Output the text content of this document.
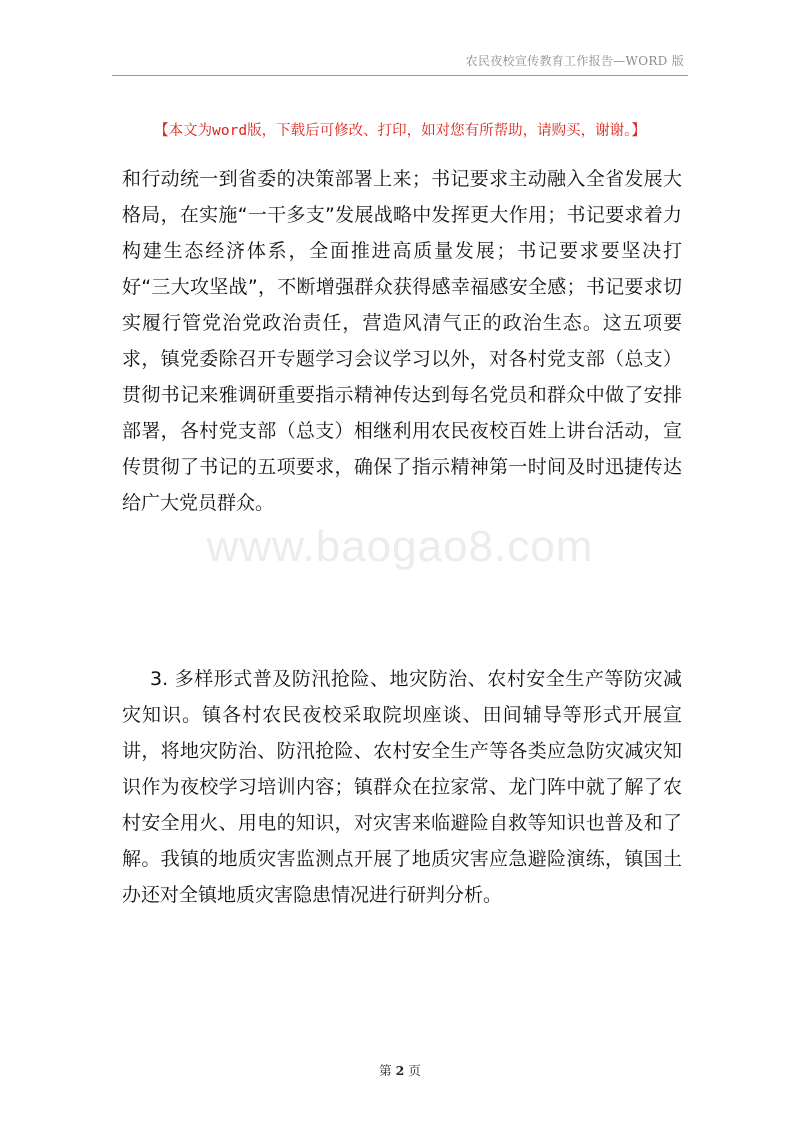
农民夜校宣传教育工作报告—WORD 版
【本文为word版，下载后可修改、打印，如对您有所帮助，请购买，谢谢。】

和行动统一到省委的决策部署上来；书记要求主动融入全省发展大格局，在实施“一干多支”发展战略中发挥更大作用；书记要求着力构建生态经济体系，全面推进高质量发展；书记要求要坚决打好“三大攻坚战”，不断增强群众获得感幸福感安全感；书记要求切实履行管党治党政治责任，营造风清气正的政治生态。这五项要求，镇党委除召开专题学习会议学习以外，对各村党支部（总支）贯彻书记来雅调研重要指示精神传达到每名党员和群众中做了安排部署，各村党支部（总支）相继利用农民夜校百姓上讲台活动，宣传贯彻了书记的五项要求，确保了指示精神第一时间及时迅捷传达给广大党员群众。

www.baogao8.com

3. 多样形式普及防汛抢险、地灾防治、农村安全生产等防灾减灾知识。镇各村农民夜校采取院坝座谈、田间辅导等形式开展宣讲，将地灾防治、防汛抢险、农村安全生产等各类应急防灾减灾知识作为夜校学习培训内容；镇群众在拉家常、龙门阵中就了解了农村安全用火、用电的知识，对灾害来临避险自救等知识也普及和了解。我镇的地质灾害监测点开展了地质灾害应急避险演练，镇国土办还对全镇地质灾害隐患情况进行研判分析。

第 2 页
